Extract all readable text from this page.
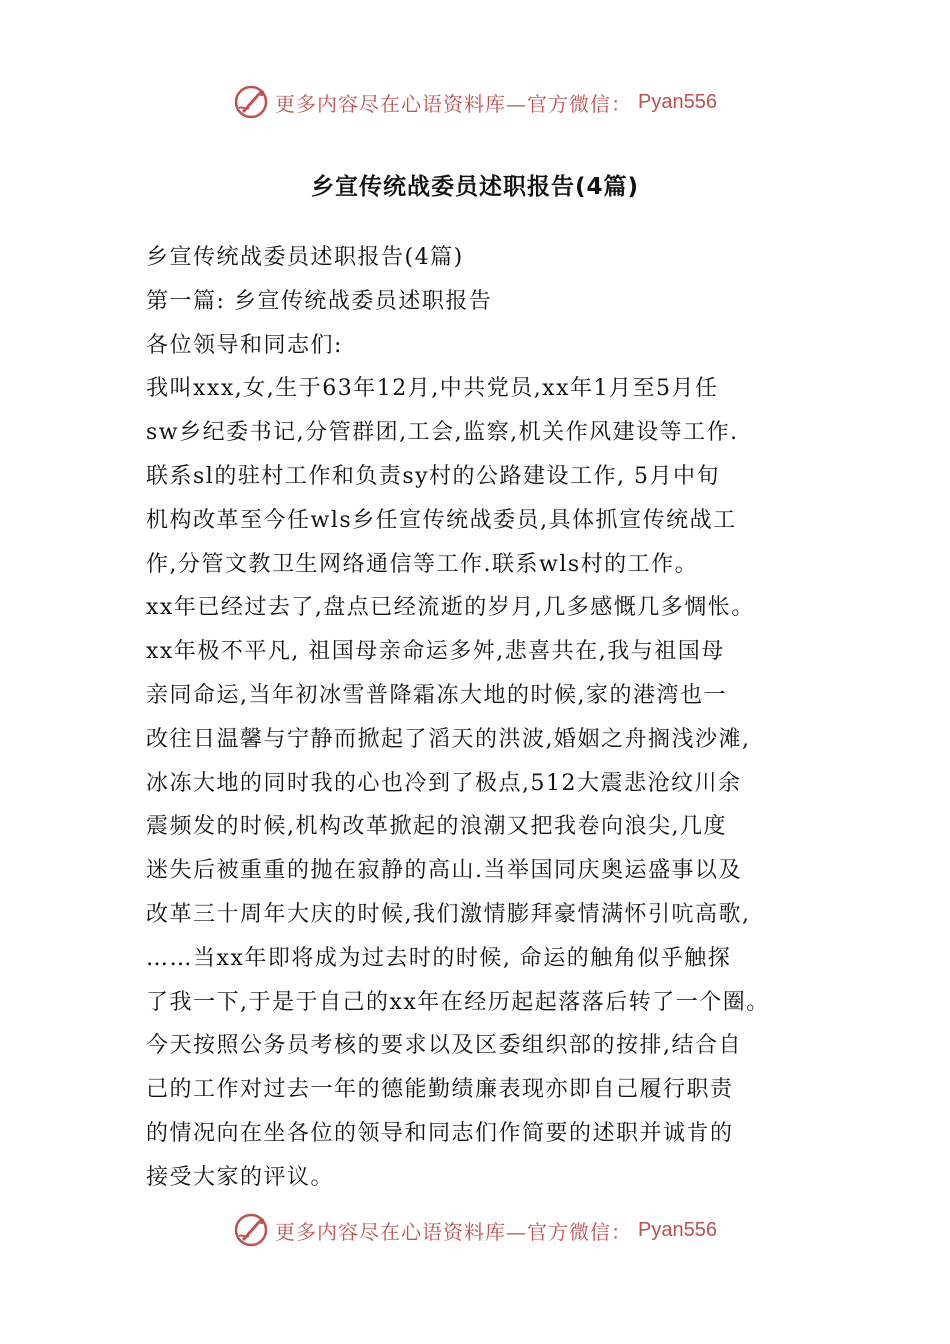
更多内容尽在心语资料库—官方微信： Pyan556
乡宣传统战委员述职报告(4篇)
乡宣传统战委员述职报告(4篇)
第一篇: 乡宣传统战委员述职报告
各位领导和同志们:
我叫xxx,女,生于63年12月,中共党员,xx年1月至5月任
sw乡纪委书记,分管群团,工会,监察,机关作风建设等工作.
联系sl的驻村工作和负责sy村的公路建设工作, 5月中旬
机构改革至今任wls乡任宣传统战委员,具体抓宣传统战工
作,分管文教卫生网络通信等工作.联系wls村的工作。
xx年已经过去了,盘点已经流逝的岁月,几多感慨几多惆怅。
xx年极不平凡, 祖国母亲命运多舛,悲喜共在,我与祖国母
亲同命运,当年初冰雪普降霜冻大地的时候,家的港湾也一
改往日温馨与宁静而掀起了滔天的洪波,婚姻之舟搁浅沙滩,
冰冻大地的同时我的心也冷到了极点,512大震悲沧纹川余
震频发的时候,机构改革掀起的浪潮又把我卷向浪尖,几度
迷失后被重重的抛在寂静的高山.当举国同庆奥运盛事以及
改革三十周年大庆的时候,我们激情膨拜豪情满怀引吭高歌,
……当xx年即将成为过去时的时候, 命运的触角似乎触探
了我一下,于是于自己的xx年在经历起起落落后转了一个圈。
今天按照公务员考核的要求以及区委组织部的按排,结合自
己的工作对过去一年的德能勤绩廉表现亦即自己履行职责
的情况向在坐各位的领导和同志们作简要的述职并诚肯的
接受大家的评议。
更多内容尽在心语资料库—官方微信： Pyan556
